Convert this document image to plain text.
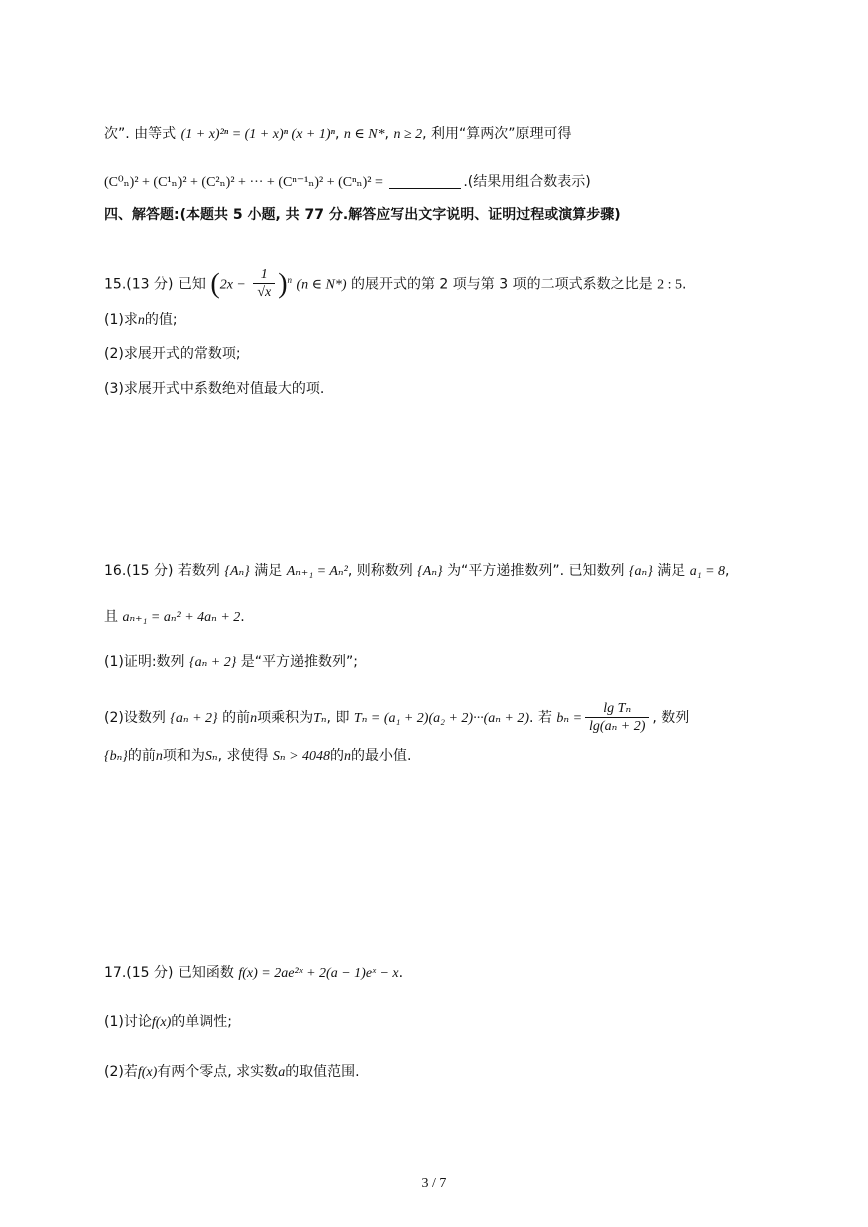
次”. 由等式 (1 + x)²ⁿ = (1 + x)ⁿ (x + 1)ⁿ, n ∈ N*, n ≥ 2, 利用“算两次”原理可得
(C⁰ₙ)² + (C¹ₙ)² + (C²ₙ)² + ··· + (Cⁿ⁻¹ₙ)² + (Cⁿₙ)² =	.(结果用组合数表示)
四、解答题:(本题共 5 小题, 共 77 分.解答应写出文字说明、证明过程或演算步骤)
15.(13 分) 已知 $(2x - \frac{1}{√x} )^n$ (n ∈ N*) 的展开式的第 2 项与第 3 项的二项式系数之比是 2 : 5.
(1)求n的值;
(2)求展开式的常数项;
(3)求展开式中系数绝对值最大的项.
16.(15 分) 若数列 {Aₙ} 满足 Aₙ₊₁ = Aₙ², 则称数列 {Aₙ} 为“平方递推数列”. 已知数列 {aₙ} 满足 a₁ = 8,
且 aₙ₊₁ = aₙ² + 4aₙ + 2.
(1)证明:数列 {aₙ + 2} 是“平方递推数列”;
(2)设数列 {aₙ + 2} 的前n项乘积为Tₙ, 即 Tₙ = (a₁ + 2)(a₂ + 2)···(aₙ + 2). 若 $b_n = \frac{\text{lg Tₙ}}{\text{lg(aₙ + 2)}}$ , 数列
{bₙ}的前n项和为Sₙ, 求使得 Sₙ > 4048的n的最小值.
17.(15 分) 已知函数 f(x) = 2ae²ˣ + 2(a − 1)eˣ − x.
(1)讨论f(x)的单调性;
(2)若f(x)有两个零点, 求实数a的取值范围.
3 / 7
